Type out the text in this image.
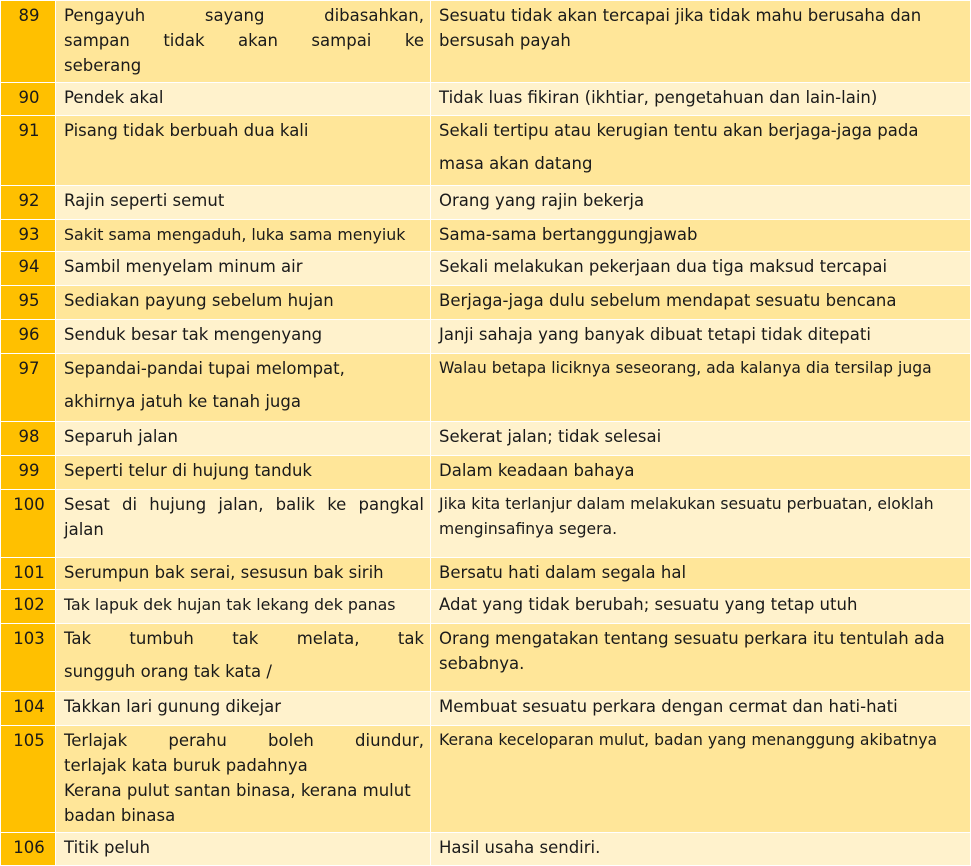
89	Pengayuh sayang dibasahkan,
sampan tidak akan sampai ke
seberang	Sesuatu tidak akan tercapai jika tidak mahu berusaha dan
bersusah payah

90	Pendek akal	Tidak luas fikiran (ikhtiar, pengetahuan dan lain-lain)

91	Pisang tidak berbuah dua kali	Sekali tertipu atau kerugian tentu akan berjaga-jaga pada
masa akan datang

92	Rajin seperti semut	Orang yang rajin bekerja

93	Sakit sama mengaduh, luka sama menyiuk	Sama-sama bertanggungjawab

94	Sambil menyelam minum air	Sekali melakukan pekerjaan dua tiga maksud tercapai

95	Sediakan payung sebelum hujan	Berjaga-jaga dulu sebelum mendapat sesuatu bencana

96	Senduk besar tak mengenyang	Janji sahaja yang banyak dibuat tetapi tidak ditepati

97	Sepandai-pandai tupai melompat,
akhirnya jatuh ke tanah juga	Walau betapa liciknya seseorang, ada kalanya dia tersilap juga

98	Separuh jalan	Sekerat jalan; tidak selesai

99	Seperti telur di hujung tanduk	Dalam keadaan bahaya

100	Sesat di hujung jalan, balik ke pangkal
jalan	Jika kita terlanjur dalam melakukan sesuatu perbuatan, eloklah
menginsafinya segera.

101	Serumpun bak serai, sesusun bak sirih	Bersatu hati dalam segala hal

102	Tak lapuk dek hujan tak lekang dek panas	Adat yang tidak berubah; sesuatu yang tetap utuh

103	Tak tumbuh tak melata, tak
sungguh orang tak kata /	Orang mengatakan tentang sesuatu perkara itu tentulah ada
sebabnya.

104	Takkan lari gunung dikejar	Membuat sesuatu perkara dengan cermat dan hati-hati

105	Terlajak perahu boleh diundur,
terlajak kata buruk padahnya
Kerana pulut santan binasa, kerana mulut
badan binasa	Kerana keceloparan mulut, badan yang menanggung akibatnya

106	Titik peluh	Hasil usaha sendiri.
